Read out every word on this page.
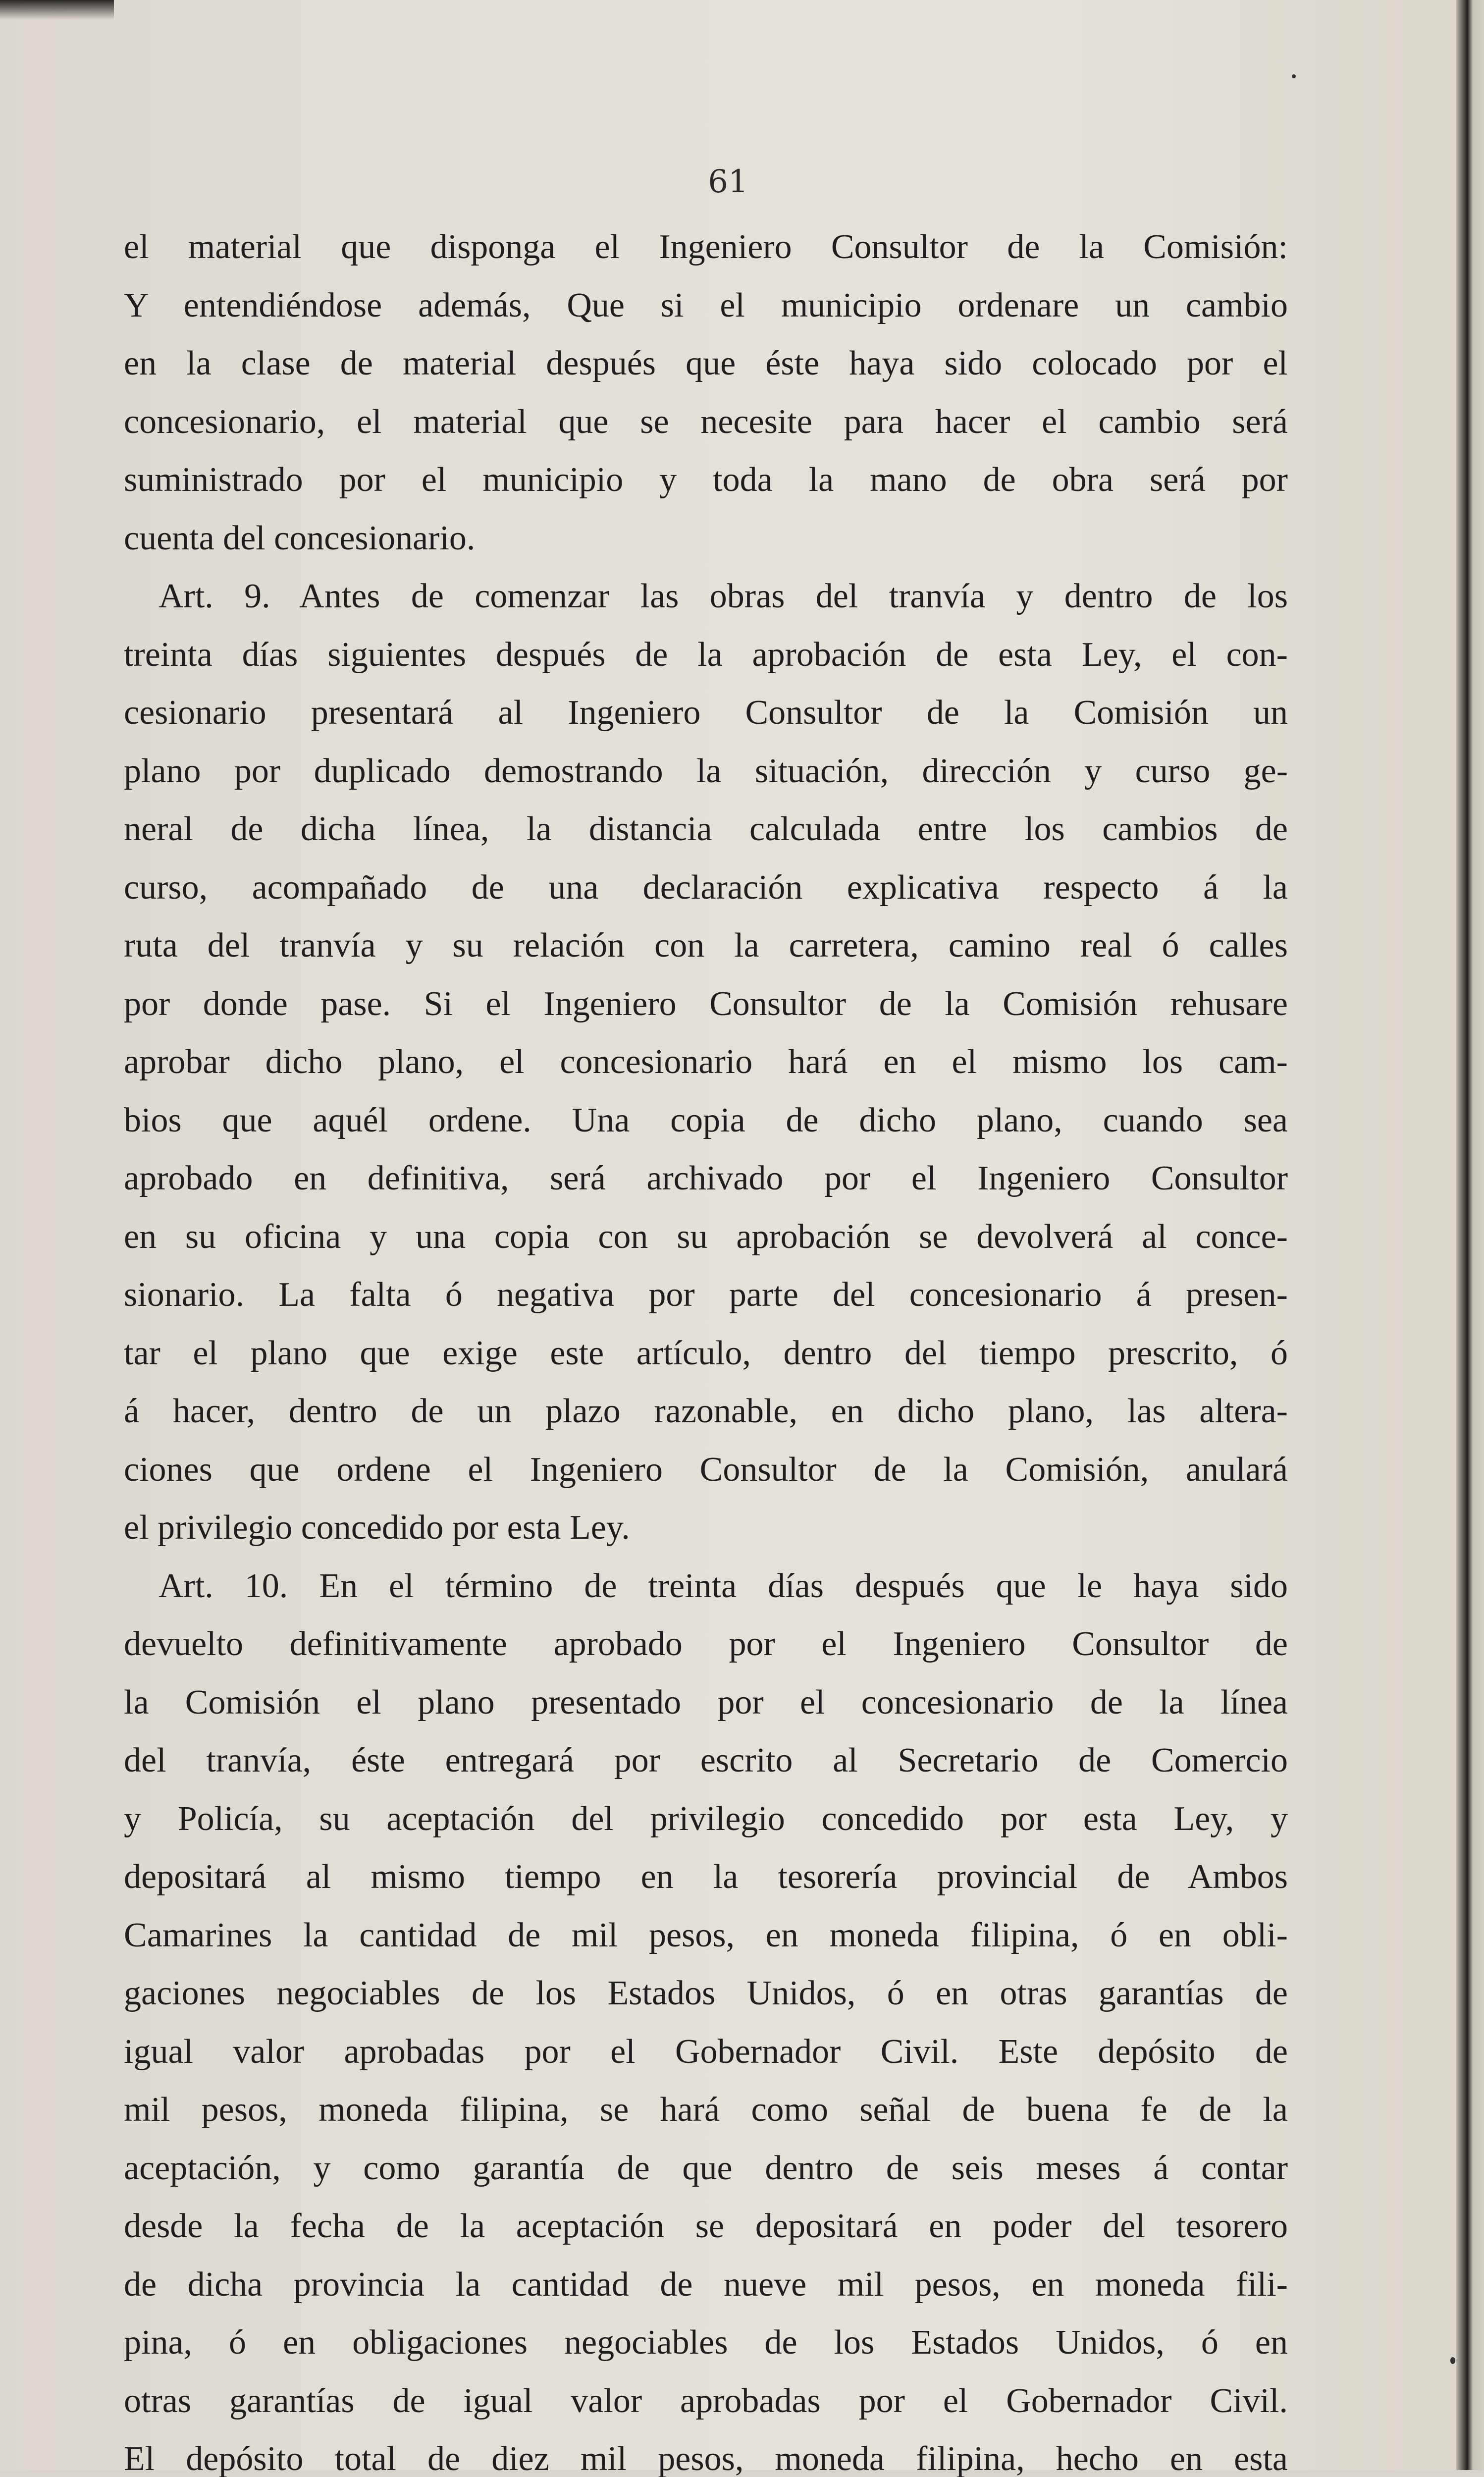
61
el material que disponga el Ingeniero Consultor de la Comisión:
Y entendiéndose además, Que si el municipio ordenare un cambio
en la clase de material después que éste haya sido colocado por el
concesionario, el material que se necesite para hacer el cambio será
suministrado por el municipio y toda la mano de obra será por
cuenta del concesionario.
Art. 9. Antes de comenzar las obras del tranvía y dentro de los
treinta días siguientes después de la aprobación de esta Ley, el con-
cesionario presentará al Ingeniero Consultor de la Comisión un
plano por duplicado demostrando la situación, dirección y curso ge-
neral de dicha línea, la distancia calculada entre los cambios de
curso, acompañado de una declaración explicativa respecto á la
ruta del tranvía y su relación con la carretera, camino real ó calles
por donde pase. Si el Ingeniero Consultor de la Comisión rehusare
aprobar dicho plano, el concesionario hará en el mismo los cam-
bios que aquél ordene. Una copia de dicho plano, cuando sea
aprobado en definitiva, será archivado por el Ingeniero Consultor
en su oficina y una copia con su aprobación se devolverá al conce-
sionario. La falta ó negativa por parte del concesionario á presen-
tar el plano que exige este artículo, dentro del tiempo prescrito, ó
á hacer, dentro de un plazo razonable, en dicho plano, las altera-
ciones que ordene el Ingeniero Consultor de la Comisión, anulará
el privilegio concedido por esta Ley.
Art. 10. En el término de treinta días después que le haya sido
devuelto definitivamente aprobado por el Ingeniero Consultor de
la Comisión el plano presentado por el concesionario de la línea
del tranvía, éste entregará por escrito al Secretario de Comercio
y Policía, su aceptación del privilegio concedido por esta Ley, y
depositará al mismo tiempo en la tesorería provincial de Ambos
Camarines la cantidad de mil pesos, en moneda filipina, ó en obli-
gaciones negociables de los Estados Unidos, ó en otras garantías de
igual valor aprobadas por el Gobernador Civil. Este depósito de
mil pesos, moneda filipina, se hará como señal de buena fe de la
aceptación, y como garantía de que dentro de seis meses á contar
desde la fecha de la aceptación se depositará en poder del tesorero
de dicha provincia la cantidad de nueve mil pesos, en moneda fili-
pina, ó en obligaciones negociables de los Estados Unidos, ó en
otras garantías de igual valor aprobadas por el Gobernador Civil.
El depósito total de diez mil pesos, moneda filipina, hecho en esta
